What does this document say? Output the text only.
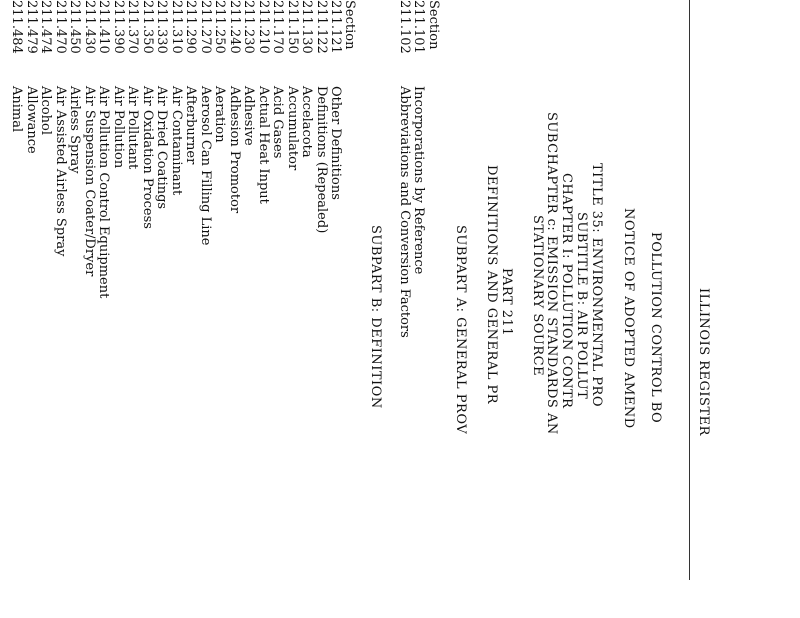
ILLINOIS REGISTER
POLLUTION CONTROL BO
NOTICE OF ADOPTED AMEND
TITLE 35: ENVIRONMENTAL PRO
SUBTITLE B: AIR POLLUT
CHAPTER I: POLLUTION CONTR
SUBCHAPTER c: EMISSION STANDARDS AN
STATIONARY SOURCE
PART 211
DEFINITIONS AND GENERAL PR
SUBPART A: GENERAL PROV
Section
211.101
Incorporations by Reference
211.102
Abbreviations and Conversion Factors
SUBPART B: DEFINITION
Section
211.121
Other Definitions
211.122
Definitions (Repealed)
211.130
Accelacota
211.150
Accumulator
211.170
Acid Gases
211.210
Actual Heat Input
211.230
Adhesive
211.240
Adhesion Promotor
211.250
Aeration
211.270
Aerosol Can Filling Line
211.290
Afterburner
211.310
Air Contaminant
211.330
Air Dried Coatings
211.350
Air Oxidation Process
211.370
Air Pollutant
211.390
Air Pollution
211.410
Air Pollution Control Equipment
211.430
Air Suspension Coater/Dryer
211.450
Airless Spray
211.470
Air Assisted Airless Spray
211.474
Alcohol
211.479
Allowance
211.484
Animal
